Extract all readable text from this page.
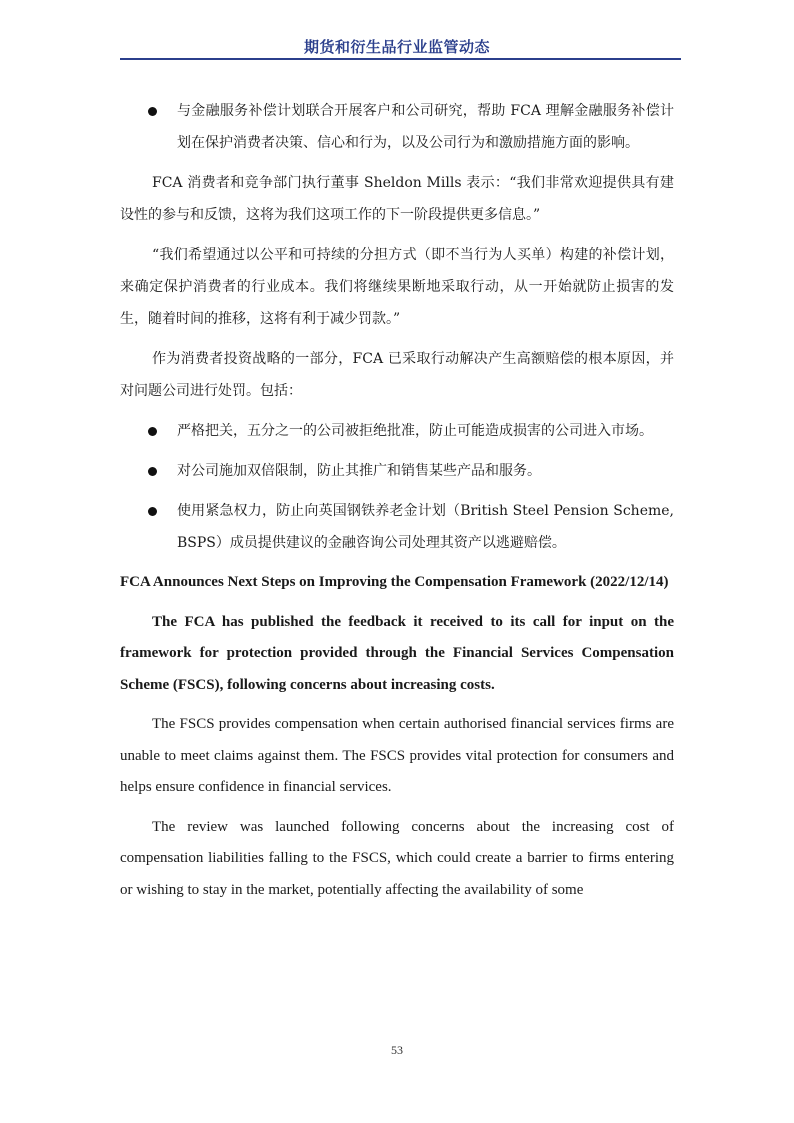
期货和衍生品行业监管动态
与金融服务补偿计划联合开展客户和公司研究，帮助 FCA 理解金融服务补偿计划在保护消费者决策、信心和行为，以及公司行为和激励措施方面的影响。

FCA 消费者和竞争部门执行董事 Sheldon Mills 表示：“我们非常欢迎提供具有建设性的参与和反馈，这将为我们这项工作的下一阶段提供更多信息。”

“我们希望通过以公平和可持续的分担方式（即不当行为人买单）构建的补偿计划，来确定保护消费者的行业成本。我们将继续果断地采取行动，从一开始就防止损害的发生，随着时间的推移，这将有利于减少罚款。”

作为消费者投资战略的一部分，FCA 已采取行动解决产生高额赔偿的根本原因，并对问题公司进行处罚。包括：

严格把关，五分之一的公司被拒绝批准，防止可能造成损害的公司进入市场。
对公司施加双倍限制，防止其推广和销售某些产品和服务。
使用紧急权力，防止向英国钢铁养老金计划（British Steel Pension Scheme, BSPS）成员提供建议的金融咨询公司处理其资产以逃避赔偿。
FCA Announces Next Steps on Improving the Compensation Framework (2022/12/14)
The FCA has published the feedback it received to its call for input on the framework for protection provided through the Financial Services Compensation Scheme (FSCS), following concerns about increasing costs.

The FSCS provides compensation when certain authorised financial services firms are unable to meet claims against them. The FSCS provides vital protection for consumers and helps ensure confidence in financial services.

The review was launched following concerns about the increasing cost of compensation liabilities falling to the FSCS, which could create a barrier to firms entering or wishing to stay in the market, potentially affecting the availability of some

53
